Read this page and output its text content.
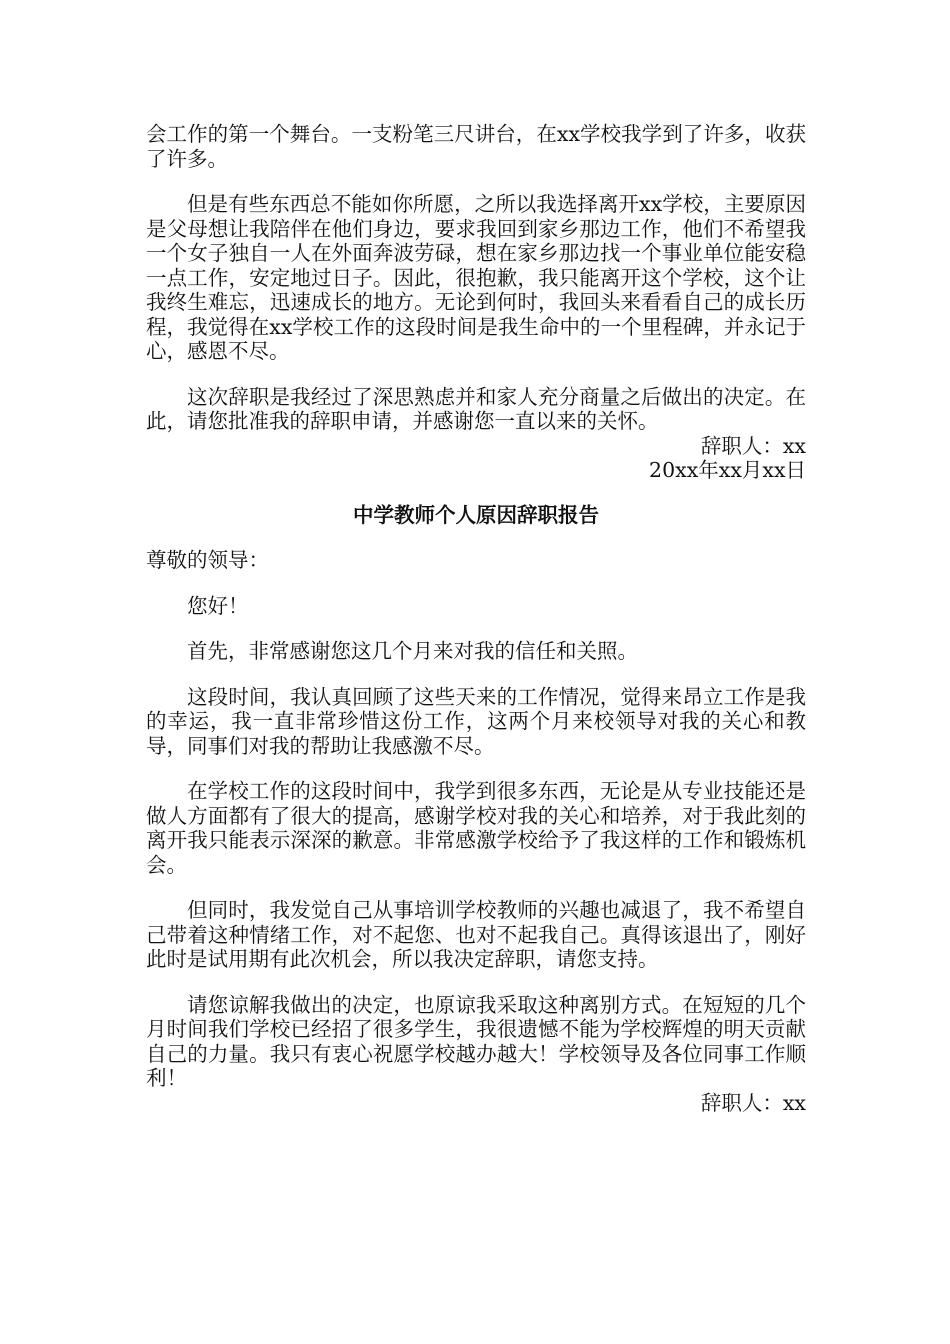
会工作的第一个舞台。一支粉笔三尺讲台，在xx学校我学到了许多，收获了许多。

但是有些东西总不能如你所愿，之所以我选择离开xx学校，主要原因是父母想让我陪伴在他们身边，要求我回到家乡那边工作，他们不希望我一个女子独自一人在外面奔波劳碌，想在家乡那边找一个事业单位能安稳一点工作，安定地过日子。因此，很抱歉，我只能离开这个学校，这个让我终生难忘，迅速成长的地方。无论到何时，我回头来看看自己的成长历程，我觉得在xx学校工作的这段时间是我生命中的一个里程碑，并永记于心，感恩不尽。

这次辞职是我经过了深思熟虑并和家人充分商量之后做出的决定。在此，请您批准我的辞职申请，并感谢您一直以来的关怀。

辞职人：xx

20xx年xx月xx日

中学教师个人原因辞职报告

尊敬的领导：

您好！

首先，非常感谢您这几个月来对我的信任和关照。

这段时间，我认真回顾了这些天来的工作情况，觉得来昂立工作是我的幸运，我一直非常珍惜这份工作，这两个月来校领导对我的关心和教导，同事们对我的帮助让我感激不尽。

在学校工作的这段时间中，我学到很多东西，无论是从专业技能还是做人方面都有了很大的提高，感谢学校对我的关心和培养，对于我此刻的离开我只能表示深深的歉意。非常感激学校给予了我这样的工作和锻炼机会。

但同时，我发觉自己从事培训学校教师的兴趣也减退了，我不希望自己带着这种情绪工作，对不起您、也对不起我自己。真得该退出了，刚好此时是试用期有此次机会，所以我决定辞职，请您支持。

请您谅解我做出的决定，也原谅我采取这种离别方式。在短短的几个月时间我们学校已经招了很多学生，我很遗憾不能为学校辉煌的明天贡献自己的力量。我只有衷心祝愿学校越办越大！学校领导及各位同事工作顺利！

辞职人：xx
